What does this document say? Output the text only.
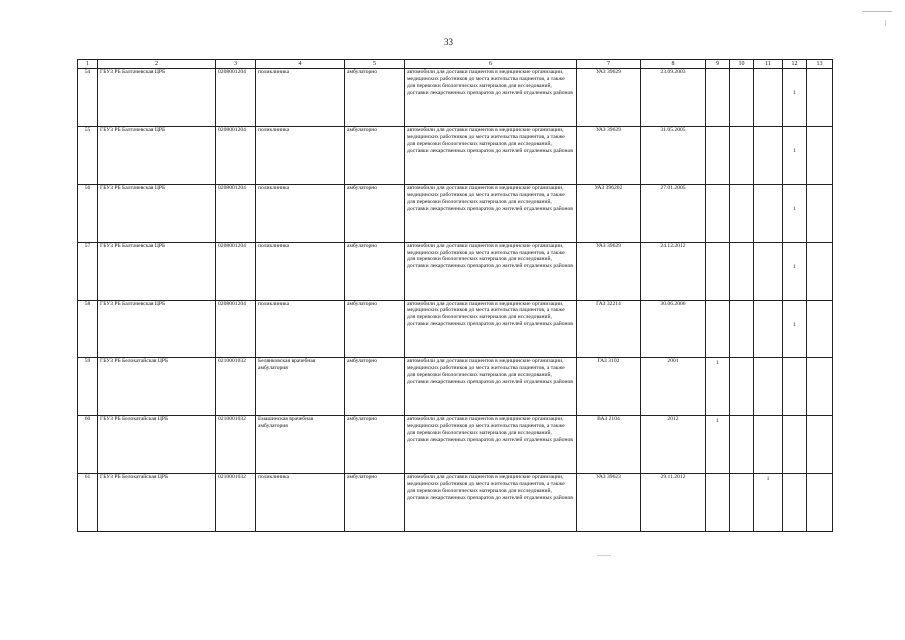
33
1	2	3	4	5	6	7	8	9	10	11	12	13	
54	ГБУЗ РБ Балтачевская ЦРБ	0208001204	поликлиника	амбулаторно	автомобили для доставки пациентов в медицинские организации, медицинских работников до места жительства пациентов, а также для перевозки биологических материалов для исследований, доставки лекарственных препаратов до жителей отдаленных районов	УАЗ 39629	23.09.2003				1

55	ГБУЗ РБ Балтачевская ЦРБ	0208001204	поликлиника	амбулаторно	автомобили для доставки пациентов в медицинские организации, медицинских работников до места жительства пациентов, а также для перевозки биологических материалов для исследований, доставки лекарственных препаратов до жителей отдаленных районов	УАЗ 39629	31.05.2005				1

56	ГБУЗ РБ Балтачевская ЦРБ	0208001204	поликлиника	амбулаторно	автомобили для доставки пациентов в медицинские организации, медицинских работников до места жительства пациентов, а также для перевозки биологических материалов для исследований, доставки лекарственных препаратов до жителей отдаленных районов	УАЗ 396202	27.01.2005				1

57	ГБУЗ РБ Балтачевская ЦРБ	0208001204	поликлиника	амбулаторно	автомобили для доставки пациентов в медицинские организации, медицинских работников до места жительства пациентов, а также для перевозки биологических материалов для исследований, доставки лекарственных препаратов до жителей отдаленных районов	УАЗ 39629	24.12.2012				1

58	ГБУЗ РБ Балтачевская ЦРБ	0208001204	поликлиника	амбулаторно	автомобили для доставки пациентов в медицинские организации, медицинских работников до места жительства пациентов, а также для перевозки биологических материалов для исследований, доставки лекарственных препаратов до жителей отдаленных районов	ГАЗ 32214	30.06.2006				1

59	ГБУЗ РБ Белокатайская ЦРБ	0210001032	Белянковская врачебная амбулатория	амбулаторно	автомобили для доставки пациентов в медицинские организации, медицинских работников до места жительства пациентов, а также для перевозки биологических материалов для исследований, доставки лекарственных препаратов до жителей отдаленных районов	ГАЗ 3102	2001	1

60	ГБУЗ РБ Белокатайская ЦРБ	0210001032	Емашинская врачебная амбулатория	амбулаторно	автомобили для доставки пациентов в медицинские организации, медицинских работников до места жительства пациентов, а также для перевозки биологических материалов для исследований, доставки лекарственных препаратов до жителей отдаленных районов	ВАЗ 2104	2012	1

61	ГБУЗ РБ Белокатайская ЦРБ	0210001032	поликлиника	амбулаторно	автомобили для доставки пациентов в медицинские организации, медицинских работников до места жительства пациентов, а также для перевозки биологических материалов для исследований, доставки лекарственных препаратов до жителей отдаленных районов	УАЗ 39623	29.11.2012			1
